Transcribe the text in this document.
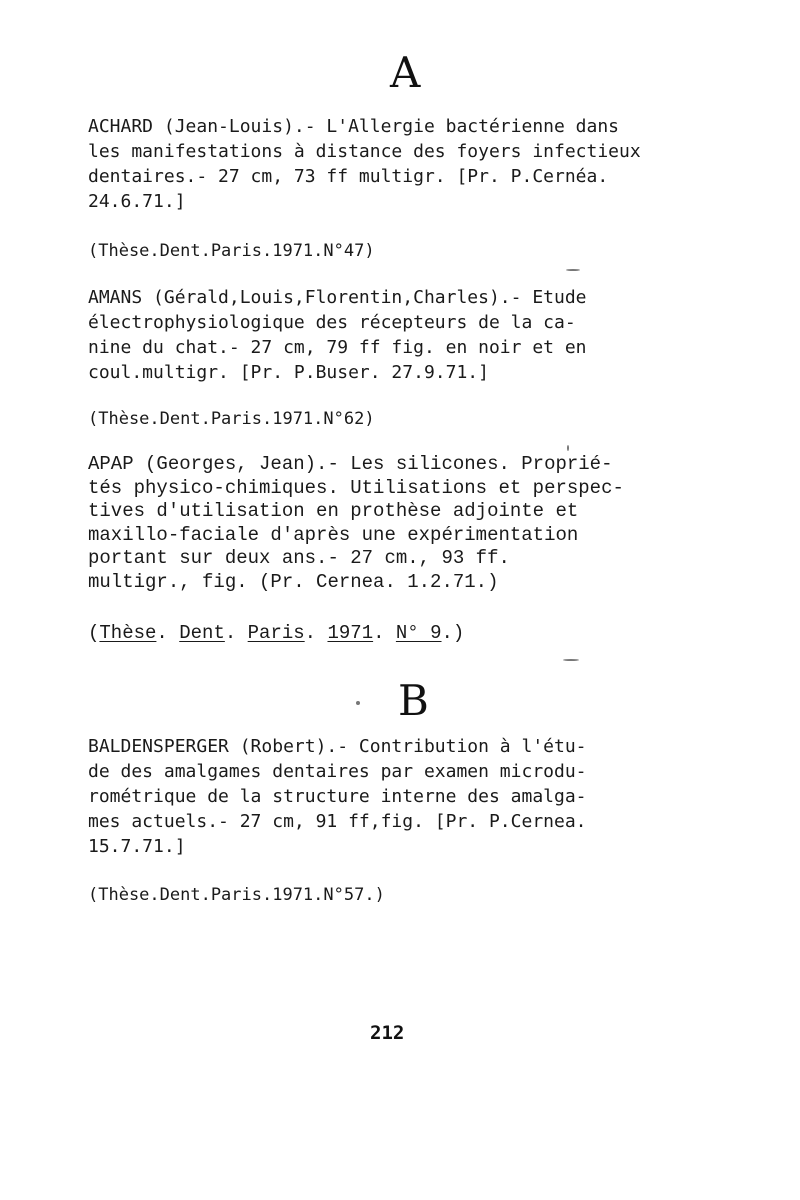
A

ACHARD (Jean-Louis).- L'Allergie bactérienne dans
les manifestations à distance des foyers infectieux
dentaires.- 27 cm, 73 ff multigr. [Pr. P.Cernéa.
24.6.71.]

(Thèse.Dent.Paris.1971.N°47)

AMANS (Gérald,Louis,Florentin,Charles).- Etude
électrophysiologique des récepteurs de la ca-
nine du chat.- 27 cm, 79 ff fig. en noir et en
coul.multigr. [Pr. P.Buser. 27.9.71.]

(Thèse.Dent.Paris.1971.N°62)

APAP (Georges, Jean).- Les silicones. Proprié-
tés physico-chimiques. Utilisations et perspec-
tives d'utilisation en prothèse adjointe et
maxillo-faciale d'après une expérimentation
portant sur deux ans.- 27 cm., 93 ff.
multigr., fig. (Pr. Cernea. 1.2.71.)

(Thèse. Dent. Paris. 1971. N° 9.)

B

BALDENSPERGER (Robert).- Contribution à l'étu-
de des amalgames dentaires par examen microdu-
rométrique de la structure interne des amalga-
mes actuels.- 27 cm, 91 ff,fig. [Pr. P.Cernea.
15.7.71.]

(Thèse.Dent.Paris.1971.N°57.)

212
